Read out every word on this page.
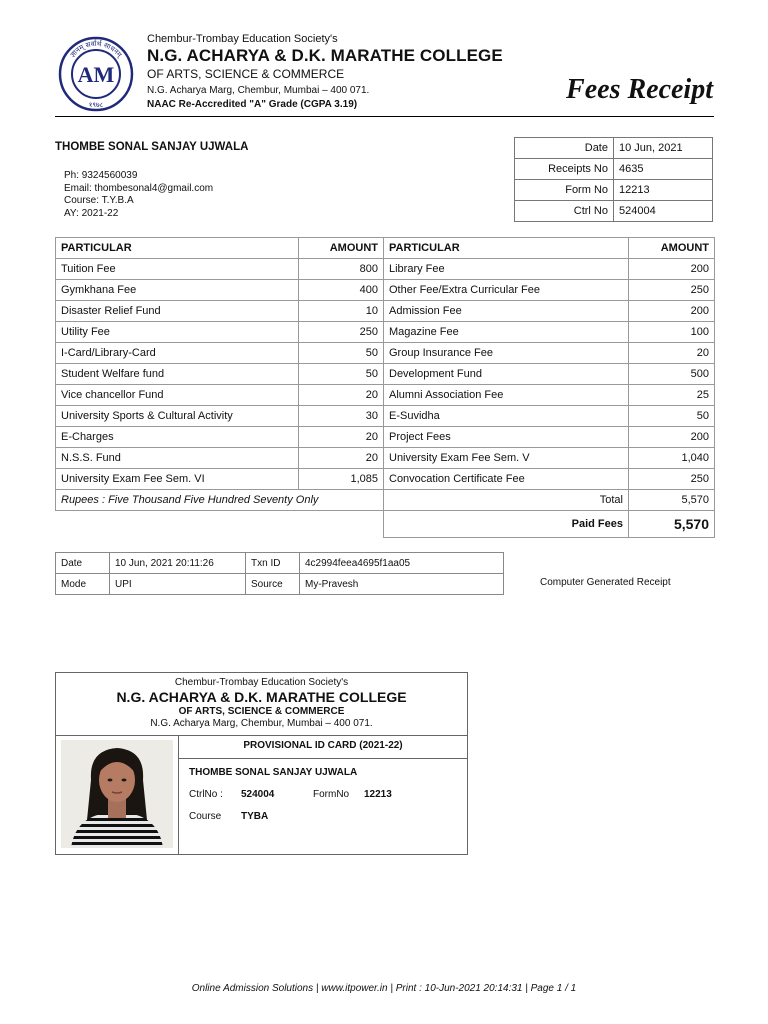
ज्ञानम् सर्वार्थ साधनम्
AM
१९७८
Chembur-Trombay Education Society's
N.G. ACHARYA & D.K. MARATHE COLLEGE
OF ARTS, SCIENCE & COMMERCE
N.G. Acharya Marg, Chembur, Mumbai – 400 071.
NAAC Re-Accredited "A" Grade (CGPA 3.19)	Fees Receipt
THOMBE SONAL SANJAY UJWALA
Ph: 9324560039
Email: thombesonal4@gmail.com
Course: T.Y.B.A
AY: 2021-22
Date	10 Jun, 2021
Receipts No	4635
Form No	12213
Ctrl No	524004
PARTICULAR	AMOUNT	PARTICULAR	AMOUNT
Tuition Fee	800	Library Fee	200
Gymkhana Fee	400	Other Fee/Extra Curricular Fee	250
Disaster Relief Fund	10	Admission Fee	200
Utility Fee	250	Magazine Fee	100
I-Card/Library-Card	50	Group Insurance Fee	20
Student Welfare fund	50	Development Fund	500
Vice chancellor Fund	20	Alumni Association Fee	25
University Sports & Cultural Activity	30	E-Suvidha	50
E-Charges	20	Project Fees	200
N.S.S. Fund	20	University Exam Fee Sem. V	1,040
University Exam Fee Sem. VI	1,085	Convocation Certificate Fee	250
Rupees : Five Thousand Five Hundred Seventy Only		Total	5,570
		Paid Fees	5,570
Date	10 Jun, 2021 20:11:26	Txn ID	4c2994feea4695f1aa05
Mode	UPI	Source	My-Pravesh	Computer Generated Receipt
Chembur-Trombay Education Society's
N.G. ACHARYA & D.K. MARATHE COLLEGE
OF ARTS, SCIENCE & COMMERCE
N.G. Acharya Marg, Chembur, Mumbai – 400 071.
PROVISIONAL ID CARD (2021-22)
THOMBE SONAL SANJAY UJWALA
CtrlNo : 524004	FormNo 12213
Course TYBA
Online Admission Solutions | www.itpower.in | Print : 10-Jun-2021 20:14:31 | Page 1 / 1
